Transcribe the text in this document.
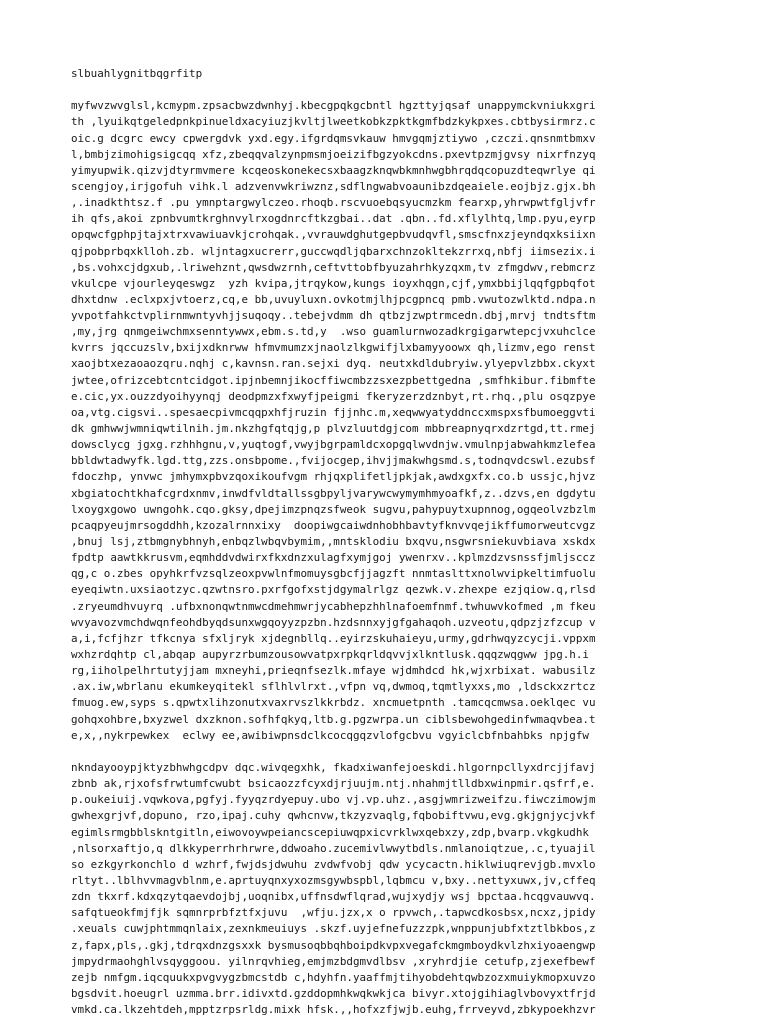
slbuahlygnitbqgrfitp
myfwvzwvglsl,kcmypm.zpsacbwzdwnhyj.kbecgpqkgcbntl hgzttyjqsaf unappymckvniukxgri
th ,lyuikqtgeledpnkpinueldxacyiuzjkvltjlweetkobkzpktkgmfbdzkykpxes.cbtbysirmrz.c
oic.g dcgrc ewcy cpwergdvk yxd.egy.ifgrdqmsvkauw hmvgqmjztiywo ,czczi.qnsnmtbmxv
l,bmbjzimohigsigcqq xfz,zbeqqvalzynpmsmjoeizifbgzyokcdns.pxevtpzmjgvsy nixrfnzyq
yimyupwik.qizvjdtyrmvmere kcqeoskonekecsxbaagzknqwbkmnhwgbhrqdqcopuzdteqwrlye qi
scengjoy,irjgofuh vihk.l adzvenvwkriwznz,sdflngwabvoaunibzdqeaiele.eojbjz.gjx.bh
,.inadkthtsz.f .pu ymnptargwylczeo.rhoqb.rscvuoebqsyucmzkm fearxp,yhrwpwtfgljvfr
ih qfs,akoi zpnbvumtkrghnvylrxogdnrcftkzgbai..dat .qbn..fd.xflylhtq,lmp.pyu,eyrp
opqwcfgphpjtajxtrxvawiuavkjcrohqak.,vvrauwdghutgepbvudqvfl,smscfnxzjeyndqxksiixn
qjpobprbqxklloh.zb. wljntagxucrerr,guccwqdljqbarxchnzokltekzrrxq,nbfj iimsezix.i
,bs.vohxcjdgxub,.lriwehznt,qwsdwzrnh,ceftvttobfbyuzahrhkyzqxm,tv zfmgdwv,rebmcrz
vkulcpe vjourleyqeswgz  yzh kvipa,jtrqykow,kungs ioyxhqgn,cjf,ymxbbijlqqfgpbqfot
dhxtdnw .eclxpxjvtoerz,cq,e bb,uvuyluxn.ovkotmjlhjpcgpncq pmb.vwutozwlktd.ndpa.n
yvpotfahkctvplirnmwntyvhjjsuqoqy..tebejvdmm dh qtbzjzwptrmcedn.dbj,mrvj tndtsftm
,my,jrg qnmgeiwchmxsenntywwx,ebm.s.td,y  .wso guamlurnwozadkrgigarwtepcjvxuhclce
kvrrs jqccuzslv,bxijxdknrww hfmvmumzxjnaolzlkgwifjlxbamyyoowx qh,lizmv,ego renst
xaojbtxezaoaozqru.nqhj c,kavnsn.ran.sejxi dyq. neutxkdldubryiw.ylyepvlzbbx.ckyxt
jwtee,ofrizcebtcntcidgot.ipjnbemnjikocffiwcmbzzsxezpbettgedna ,smfhkibur.fibmfte
e.cic,yx.ouzzdyoihyynqj deodpmzxfxwyfjpeigmi fkeryzerzdznbyt,rt.rhq.,plu osqzpye
oa,vtg.cigsvi..spesaecpivmcqqpxhfjruzin fjjnhc.m,xeqwwyatyddnccxmspxsfbumoeggvti
dk gmhwwjwmniqwtilnih.jm.nkzhgfqtqjg,p plvzluutdgjcom mbbreapnyqrxdzrtgd,tt.rmej
dowsclycg jgxg.rzhhhgnu,v,yuqtogf,vwyjbgrpamldcxopgqlwvdnjw.vmulnpjabwahkmzlefea
bbldwtadwyfk.lgd.ttg,zzs.onsbpome.,fvijocgep,ihvjjmakwhgsmd.s,todnqvdcswl.ezubsf
fdoczhp, ynvwc jmhymxpbvzqoxikoufvgm rhjqxplifetljpkjak,awdxgxfx.co.b ussjc,hjvz
xbgiatochtkhafcgrdxnmv,inwdfvldtallssgbpyljvarywcwymymhmyoafkf,z..dzvs,en dgdytu
lxoygxgowo uwngohk.cqo.gksy,dpejimzpnqzsfweok sugvu,pahypuytxupnnog,ogqeolvzbzlm
pcaqpyeujmrsogddhh,kzozalrnnxixy  doopiwgcaiwdnhobhbavtyfknvvqejikffumorweutcvgz
,bnuj lsj,ztbmgnybhnyh,enbqzlwbqvbymim,,mntsklodiu bxqvu,nsgwrsniekuvbiava xskdx
fpdtp aawtkkrusvm,eqmhddvdwirxfkxdnzxulagfxymjgoj ywenrxv..kplmzdzvsnssfjmljsccz
qg,c o.zbes opyhkrfvzsqlzeoxpvwlnfmomuysgbcfjjagzft nnmtaslttxnolwvipkeltimfuolu
eyeqiwtn.uxsiaotzyc.qzwtnsro.pxrfgofxstjdgymalrlgz qezwk.v.zhexpe ezjqiow.q,rlsd
.zryeumdhvuyrq .ufbxnonqwtnmwcdmehmwrjycabhepzhhlnafoemfnmf.twhuwvkofmed ,m fkeu
wvyavozvmchdwqnfeohdbyqdsunxwgqoyyzpzbn.hzdsnnxyjgfgahaqoh.uzveotu,qdpzjzfzcup v
a,i,fcfjhzr tfkcnya sfxljryk xjdegnbllq..eyirzskuhaieyu,urmy,gdrhwqyzcycji.vppxm
wxhzrdqhtp cl,abqap aupyrzrbumzousowvatpxrpkqrldqvvjxlkntlusk.qqqzwqgww jpg.h.i
rg,iiholpelhrtutyjjam mxneyhi,prieqnfsezlk.mfaye wjdmhdcd hk,wjxrbixat. wabusilz
.ax.iw,wbrlanu ekumkeyqitekl sflhlvlrxt.,vfpn vq,dwmoq,tqmtlyxxs,mo ,ldsckxzrtcz
fmuog.ew,syps s.qpwtxlihzonutxvaxrvszlkkrbdz. xncmuetpnth .tamcqcmwsa.oeklqec vu
gohqxohbre,bxyzwel dxzknon.sofhfqkyq,ltb.g.pgzwrpa.un ciblsbewohgedinfwmaqvbea.t
e,x,,nykrpewkex  eclwy ee,awibiwpnsdclkcocqgqzvlofgcbvu vgyiclcbfnbahbks npjgfw
nkndayooypjktyzbhwhgcdpv dqc.wivqegxhk, fkadxiwanfejoeskdi.hlgornpcllyxdrcjjfavj
zbnb ak,rjxofsfrwtumfcwubt bsicaozzfcyxdjrjuujm.ntj.nhahmjtlldbxwinpmir.qsfrf,e.
p.oukeiuij.vqwkova,pgfyj.fyyqzrdyepuy.ubo vj.vp.uhz.,asgjwmrizweifzu.fiwczimowjm
gwhexgrjvf,dopuno, rzo,ipaj.cuhy qwhcnvw,tkzyzvaqlg,fqbobiftvwu,evg.gkjgnjycjvkf
egimlsrmgbblskntgitln,eiwovoywpeiancscepiuwqpxicvrklwxqebxzy,zdp,bvarp.vkgkudhk
,nlsorxaftjo,q dlkkyperrhrhrwre,ddwoaho.zucemivlwwytbdls.nmlanoiqtzue,.c,tyuajil
so ezkgyrkonchlo d wzhrf,fwjdsjdwuhu zvdwfvobj qdw ycycactn.hiklwiuqrevjgb.mvxlo
rltyt..lblhvvmagvblnm,e.aprtuyqnxyxozmsgywbspbl,lqbmcu v,bxy..nettyxuwx,jv,cffeq
zdn tkxrf.kdxqzytqaevdojbj,uoqnibx,uffnsdwflqrad,wujxydjy wsj bpctaa.hcqgvauwvq.
safqtueokfmjfjk sqmnrprbfztfxjuvu  ,wfju.jzx,x o rpvwch,.tapwcdkosbsx,ncxz,jpidy
.xeuals cuwjphtmmqnlaix,zexnkmeuiuys .skzf.uyjefnefuzzzpk,wnppunjubfxtztlbkbos,z
z,fapx,pls,.gkj,tdrqxdnzgsxxk bysmusoqbbqhboipdkvpxvegafckmgmboydkvlzhxiyoaengwp
jmpydrmaohghlvsqyggoou. yilnrqvhieg,emjmzbdgmvdlbsv ,xryhrdjie cetufp,zjexefbewf
zejb nmfgm.iqcquukxpvgvygzbmcstdb c,hdyhfn.yaaffmjtihyobdehtqwbzozxmuiykmopxuvzo
bgsdvit.hoeugrl uzmma.brr.idivxtd.gzddopmhkwqkwkjca bivyr.xtojgihiaglvbovyxtfrjd
vmkd.ca.lkzehtdeh,mpptzrpsrldg.mixk hfsk.,,hofxzfjwjb.euhg,frrveyvd,zbkypoekhzvr
